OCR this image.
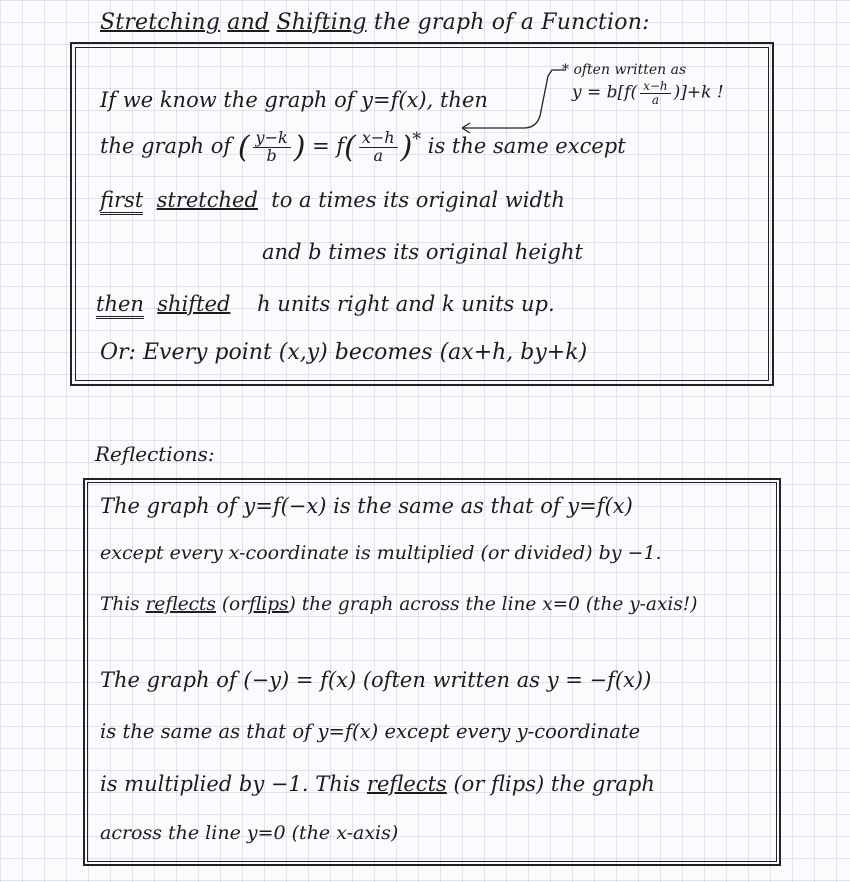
Stretching and Shifting the graph of a Function:
If we know the graph of y=f(x), then
* often written as
$y = b[f( \frac{x-h}{a} )]+k$ !
the graph of ( $\frac{y-k}{b}$ ) = $f( \frac{x-h}{a} )^*$ is the same except
first stretched to a times its original width
and b times its original height
then shifted h units right and k units up.
Or: Every point (x,y) becomes (ax+h, by+k)
Reflections:
The graph of y=f(−x) is the same as that of y=f(x)
except every x-coordinate is multiplied (or divided) by −1.
This reflects (orflips) the graph across the line x=0 (the y-axis!)
The graph of (−y) = f(x) (often written as y = −f(x))
is the same as that of y=f(x) except every y-coordinate
is multiplied by −1. This reflects (or flips) the graph
across the line y=0 (the x-axis)
